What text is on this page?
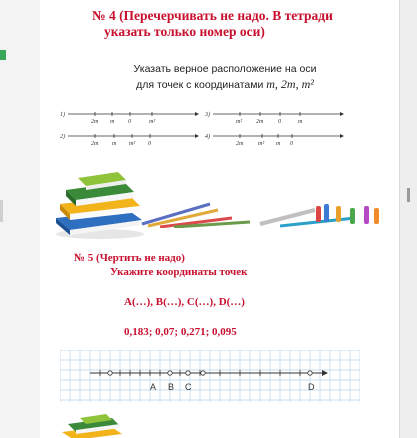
№ 4 (Перечерчивать не надо. В тетради
указать только номер оси)
Указать верное расположение на оси
для точек с координатами m, 2m, m²
1)
2m m 0	m²
2)
2m m m² 0
3)
m² 2m 0	m
4)
2m m² m 0
№ 5 (Чертить не надо)
Укажите координаты точек
A(…), B(…), C(…), D(…)
0,183; 0,07; 0,271; 0,095
A B C	D
